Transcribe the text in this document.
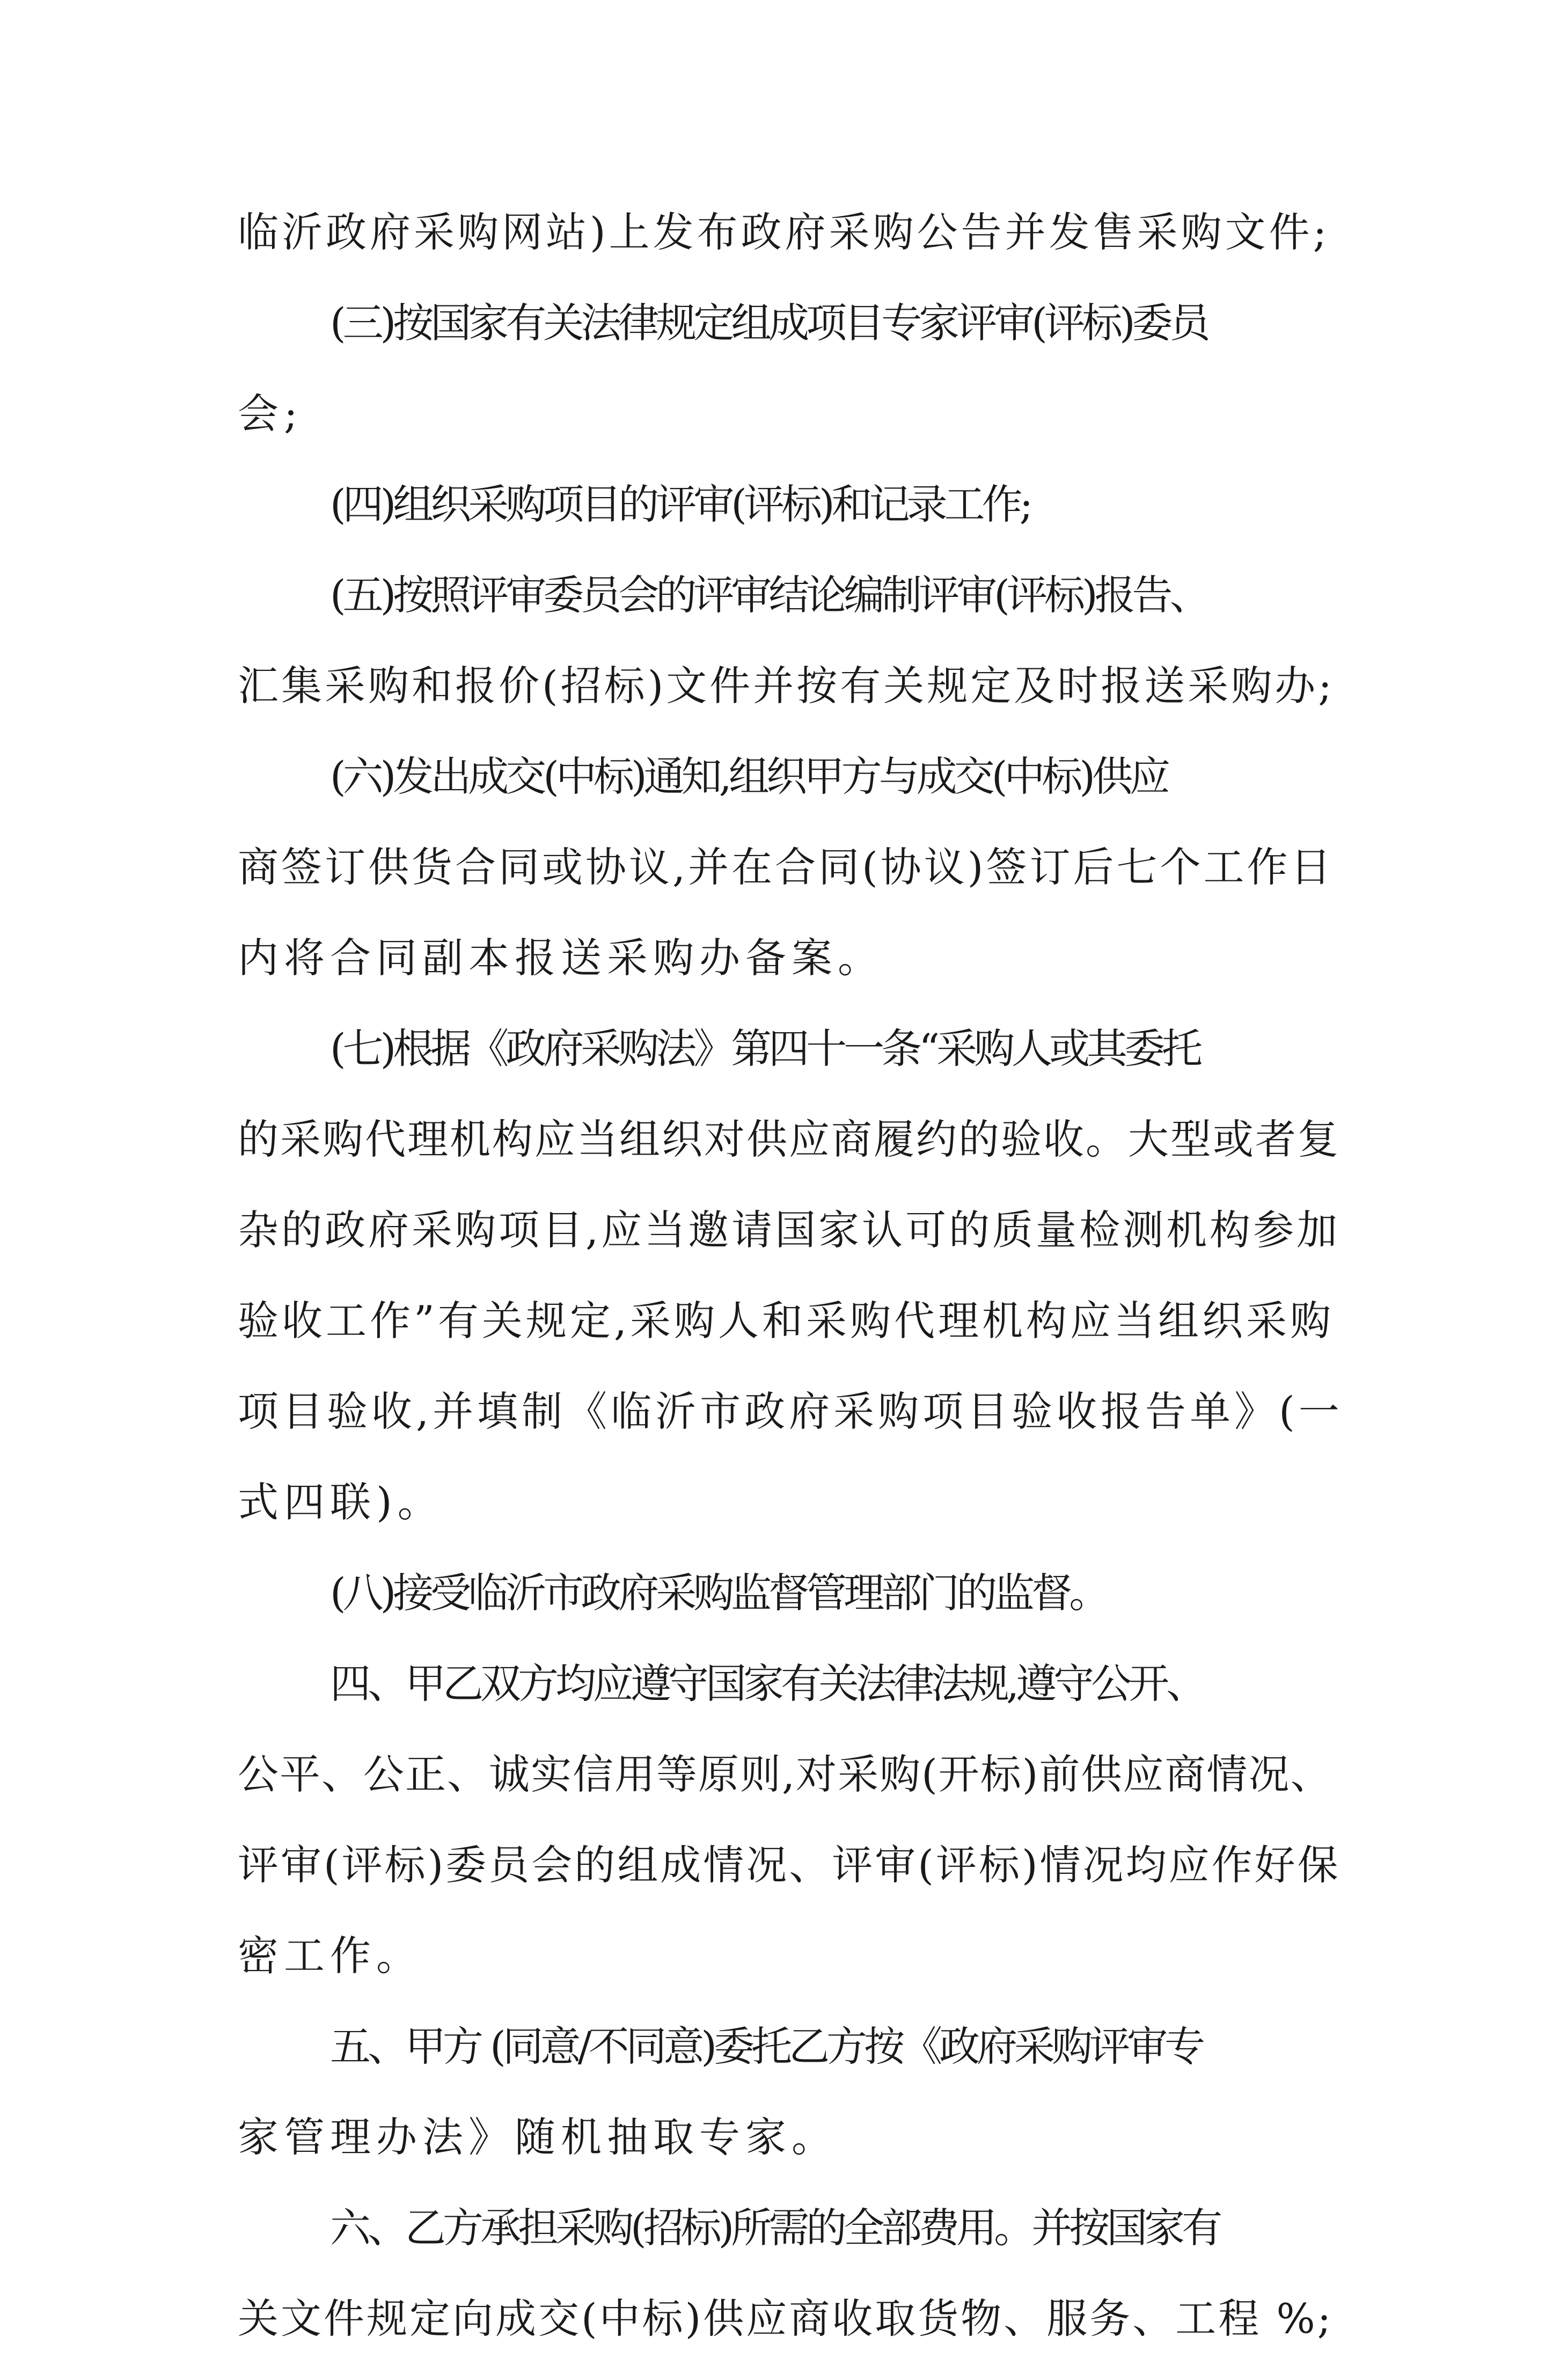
临沂政府采购网站)上发布政府采购公告并发售采购文件;
(三)按国家有关法律规定组成项目专家评审(评标)委员
会;
(四)组织采购项目的评审(评标)和记录工作;
(五)按照评审委员会的评审结论编制评审(评标)报告、
汇集采购和报价(招标)文件并按有关规定及时报送采购办;
(六)发出成交(中标)通知,组织甲方与成交(中标)供应
商签订供货合同或协议,并在合同(协议)签订后七个工作日
内将合同副本报送采购办备案。
(七)根据《政府采购法》第四十一条“采购人或其委托
的采购代理机构应当组织对供应商履约的验收。大型或者复
杂的政府采购项目,应当邀请国家认可的质量检测机构参加
验收工作”有关规定,采购人和采购代理机构应当组织采购
项目验收,并填制《临沂市政府采购项目验收报告单》(一
式四联)。
(八)接受临沂市政府采购监督管理部门的监督。
四、甲乙双方均应遵守国家有关法律法规,遵守公开、
公平、公正、诚实信用等原则,对采购(开标)前供应商情况、
评审(评标)委员会的组成情况、评审(评标)情况均应作好保
密工作。
五、甲方 (同意/不同意)委托乙方按《政府采购评审专
家管理办法》随机抽取专家。
六、乙方承担采购(招标)所需的全部费用。并按国家有
关文件规定向成交(中标)供应商收取货物、服务、工程 %;
